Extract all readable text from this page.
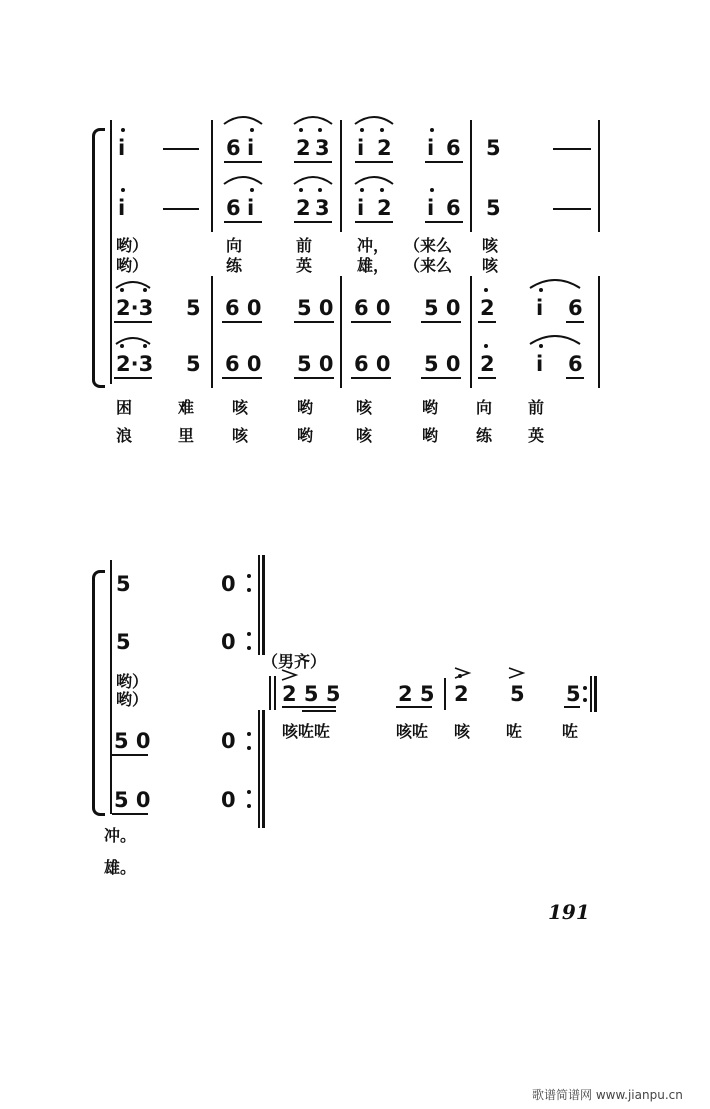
i	6 i 2 3 i 2 i 6 5
i	6 i 2 3 i 2 i 6 5
哟）	向	前	冲， （来么 咳
哟）	练	英	雄， （来么 咳
2·3 5 6 0 5 0 6 0 5 0 2 i 6
2·3 5 6 0 5 0 6 0 5 0 2 i 6
困	难 咳	哟	咳	哟 向 前
浪	里 咳	哟	咳	哟 练 英
5	0
5	0
哟）
哟）
5 0	0
5 0	0
冲。
雄。
（男齐）
2 5 5	2 5 2 5 5
咳咗咗	咳咗 咳 咗 咗
191
歌谱简谱网 www.jianpu.cn
